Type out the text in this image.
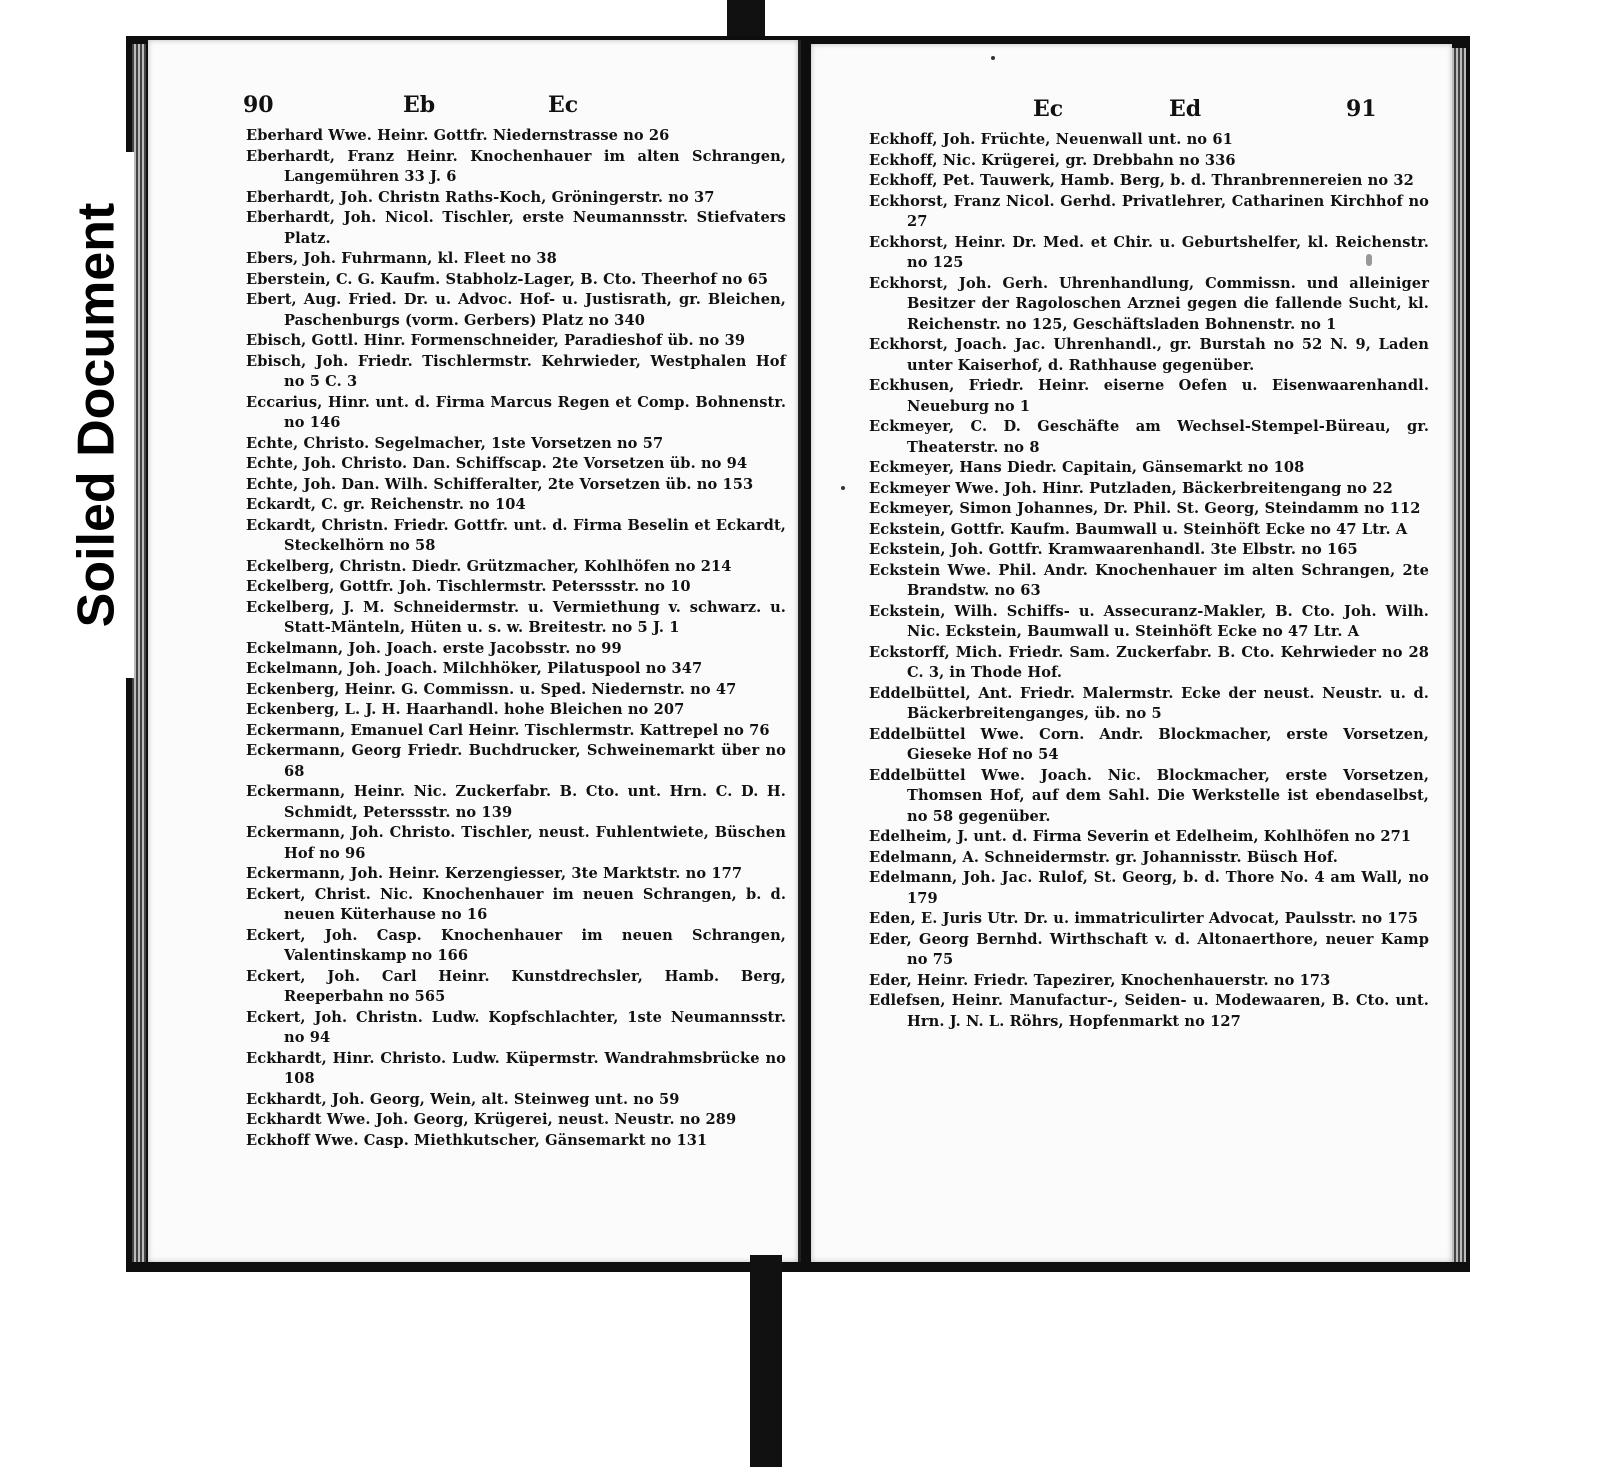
90	Eb	Ec
Eberhard Wwe. Heinr. Gottfr. Niedernstrasse no 26
Eberhardt, Franz Heinr. Knochenhauer im alten Schrangen, Langemühren 33 J. 6
Eberhardt, Joh. Christn Raths-Koch, Gröningerstr. no 37
Eberhardt, Joh. Nicol. Tischler, erste Neumannsstr. Stiefvaters Platz.
Ebers, Joh. Fuhrmann, kl. Fleet no 38
Eberstein, C. G. Kaufm. Stabholz-Lager, B. Cto. Theerhof no 65
Ebert, Aug. Fried. Dr. u. Advoc. Hof- u. Justisrath, gr. Bleichen, Paschenburgs (vorm. Gerbers) Platz no 340
Ebisch, Gottl. Hinr. Formenschneider, Paradieshof üb. no 39
Ebisch, Joh. Friedr. Tischlermstr. Kehrwieder, Westphalen Hof no 5 C. 3
Eccarius, Hinr. unt. d. Firma Marcus Regen et Comp. Bohnenstr. no 146
Echte, Christo. Segelmacher, 1ste Vorsetzen no 57
Echte, Joh. Christo. Dan. Schiffscap. 2te Vorsetzen üb. no 94
Echte, Joh. Dan. Wilh. Schifferalter, 2te Vorsetzen üb. no 153
Eckardt, C. gr. Reichenstr. no 104
Eckardt, Christn. Friedr. Gottfr. unt. d. Firma Beselin et Eckardt, Steckelhörn no 58
Eckelberg, Christn. Diedr. Grützmacher, Kohlhöfen no 214
Eckelberg, Gottfr. Joh. Tischlermstr. Peterssstr. no 10
Eckelberg, J. M. Schneidermstr. u. Vermiethung v. schwarz. u. Statt-Mänteln, Hüten u. s. w. Breitestr. no 5 J. 1
Eckelmann, Joh. Joach. erste Jacobsstr. no 99
Eckelmann, Joh. Joach. Milchhöker, Pilatuspool no 347
Eckenberg, Heinr. G. Commissn. u. Sped. Niedernstr. no 47
Eckenberg, L. J. H. Haarhandl. hohe Bleichen no 207
Eckermann, Emanuel Carl Heinr. Tischlermstr. Kattrepel no 76
Eckermann, Georg Friedr. Buchdrucker, Schweinemarkt über no 68
Eckermann, Heinr. Nic. Zuckerfabr. B. Cto. unt. Hrn. C. D. H. Schmidt, Peterssstr. no 139
Eckermann, Joh. Christo. Tischler, neust. Fuhlentwiete, Büschen Hof no 96
Eckermann, Joh. Heinr. Kerzengiesser, 3te Marktstr. no 177
Eckert, Christ. Nic. Knochenhauer im neuen Schrangen, b. d. neuen Küterhause no 16
Eckert, Joh. Casp. Knochenhauer im neuen Schrangen, Valentinskamp no 166
Eckert, Joh. Carl Heinr. Kunstdrechsler, Hamb. Berg, Reeperbahn no 565
Eckert, Joh. Christn. Ludw. Kopfschlachter, 1ste Neumannsstr. no 94
Eckhardt, Hinr. Christo. Ludw. Küpermstr. Wandrahmsbrücke no 108
Eckhardt, Joh. Georg, Wein, alt. Steinweg unt. no 59
Eckhardt Wwe. Joh. Georg, Krügerei, neust. Neustr. no 289
Eckhoff Wwe. Casp. Miethkutscher, Gänsemarkt no 131
Ec	Ed	91
Eckhoff, Joh. Früchte, Neuenwall unt. no 61
Eckhoff, Nic. Krügerei, gr. Drebbahn no 336
Eckhoff, Pet. Tauwerk, Hamb. Berg, b. d. Thranbrennereien no 32
Eckhorst, Franz Nicol. Gerhd. Privatlehrer, Catharinen Kirchhof no 27
Eckhorst, Heinr. Dr. Med. et Chir. u. Geburtshelfer, kl. Reichenstr. no 125
Eckhorst, Joh. Gerh. Uhrenhandlung, Commissn. und alleiniger Besitzer der Ragoloschen Arznei gegen die fallende Sucht, kl. Reichenstr. no 125, Geschäftsladen Bohnenstr. no 1
Eckhorst, Joach. Jac. Uhrenhandl., gr. Burstah no 52 N. 9, Laden unter Kaiserhof, d. Rathhause gegenüber.
Eckhusen, Friedr. Heinr. eiserne Oefen u. Eisenwaarenhandl. Neueburg no 1
Eckmeyer, C. D. Geschäfte am Wechsel-Stempel-Büreau, gr. Theaterstr. no 8
Eckmeyer, Hans Diedr. Capitain, Gänsemarkt no 108
Eckmeyer Wwe. Joh. Hinr. Putzladen, Bäckerbreitengang no 22
Eckmeyer, Simon Johannes, Dr. Phil. St. Georg, Steindamm no 112
Eckstein, Gottfr. Kaufm. Baumwall u. Steinhöft Ecke no 47 Ltr. A
Eckstein, Joh. Gottfr. Kramwaarenhandl. 3te Elbstr. no 165
Eckstein Wwe. Phil. Andr. Knochenhauer im alten Schrangen, 2te Brandstw. no 63
Eckstein, Wilh. Schiffs- u. Assecuranz-Makler, B. Cto. Joh. Wilh. Nic. Eckstein, Baumwall u. Steinhöft Ecke no 47 Ltr. A
Eckstorff, Mich. Friedr. Sam. Zuckerfabr. B. Cto. Kehrwieder no 28 C. 3, in Thode Hof.
Eddelbüttel, Ant. Friedr. Malermstr. Ecke der neust. Neustr. u. d. Bäckerbreitenganges, üb. no 5
Eddelbüttel Wwe. Corn. Andr. Blockmacher, erste Vorsetzen, Gieseke Hof no 54
Eddelbüttel Wwe. Joach. Nic. Blockmacher, erste Vorsetzen, Thomsen Hof, auf dem Sahl. Die Werkstelle ist ebendaselbst, no 58 gegenüber.
Edelheim, J. unt. d. Firma Severin et Edelheim, Kohlhöfen no 271
Edelmann, A. Schneidermstr. gr. Johannisstr. Büsch Hof.
Edelmann, Joh. Jac. Rulof, St. Georg, b. d. Thore No. 4 am Wall, no 179
Eden, E. Juris Utr. Dr. u. immatriculirter Advocat, Paulsstr. no 175
Eder, Georg Bernhd. Wirthschaft v. d. Altonaerthore, neuer Kamp no 75
Eder, Heinr. Friedr. Tapezirer, Knochenhauerstr. no 173
Edlefsen, Heinr. Manufactur-, Seiden- u. Modewaaren, B. Cto. unt. Hrn. J. N. L. Röhrs, Hopfenmarkt no 127
Soiled Document
